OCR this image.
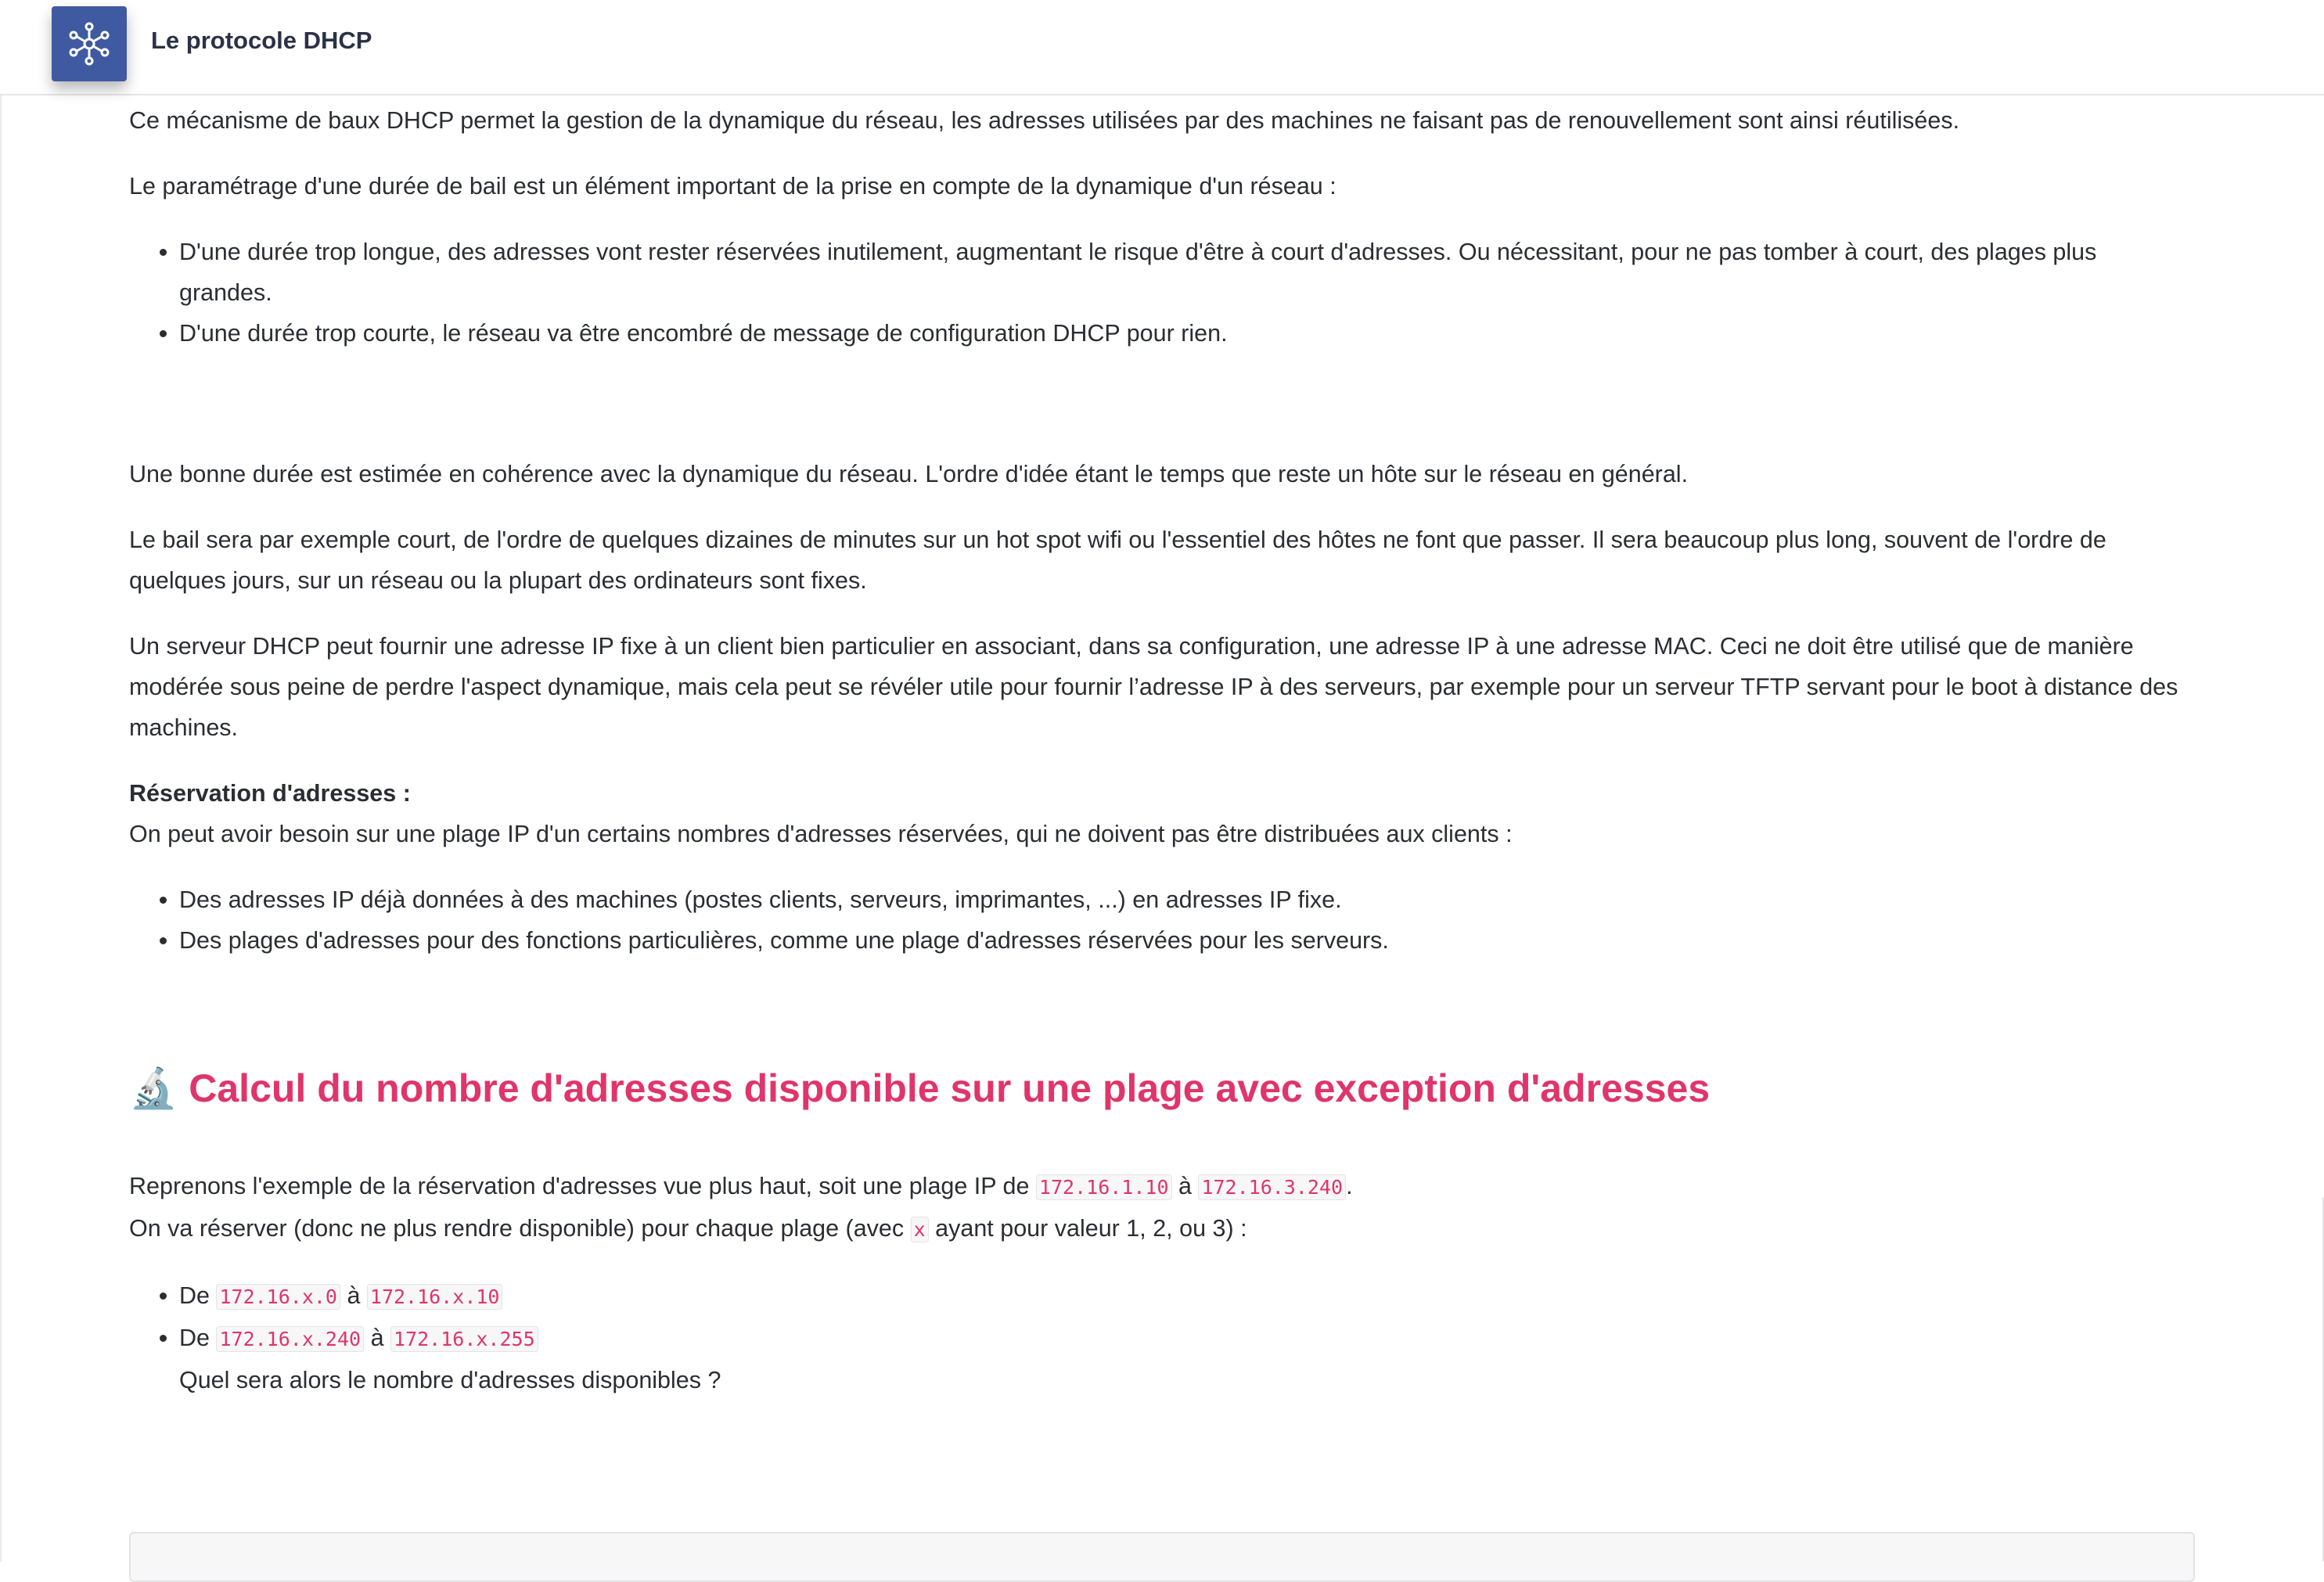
Le protocole DHCP

Ce mécanisme de baux DHCP permet la gestion de la dynamique du réseau, les adresses utilisées par des machines ne faisant pas de renouvellement sont ainsi réutilisées.

Le paramétrage d'une durée de bail est un élément important de la prise en compte de la dynamique d'un réseau :

• D'une durée trop longue, des adresses vont rester réservées inutilement, augmentant le risque d'être à court d'adresses. Ou nécessitant, pour ne pas tomber à court, des plages plus grandes.
• D'une durée trop courte, le réseau va être encombré de message de configuration DHCP pour rien.

Une bonne durée est estimée en cohérence avec la dynamique du réseau. L'ordre d'idée étant le temps que reste un hôte sur le réseau en général.

Le bail sera par exemple court, de l'ordre de quelques dizaines de minutes sur un hot spot wifi ou l'essentiel des hôtes ne font que passer. Il sera beaucoup plus long, souvent de l'ordre de quelques jours, sur un réseau ou la plupart des ordinateurs sont fixes.

Un serveur DHCP peut fournir une adresse IP fixe à un client bien particulier en associant, dans sa configuration, une adresse IP à une adresse MAC. Ceci ne doit être utilisé que de manière modérée sous peine de perdre l'aspect dynamique, mais cela peut se révéler utile pour fournir l’adresse IP à des serveurs, par exemple pour un serveur TFTP servant pour le boot à distance des machines.

Réservation d'adresses :
On peut avoir besoin sur une plage IP d'un certains nombres d'adresses réservées, qui ne doivent pas être distribuées aux clients :

• Des adresses IP déjà données à des machines (postes clients, serveurs, imprimantes, ...) en adresses IP fixe.
• Des plages d'adresses pour des fonctions particulières, comme une plage d'adresses réservées pour les serveurs.
🔬 Calcul du nombre d'adresses disponible sur une plage avec exception d'adresses

Reprenons l'exemple de la réservation d'adresses vue plus haut, soit une plage IP de 172.16.1.10 à 172.16.3.240 .
On va réserver (donc ne plus rendre disponible) pour chaque plage (avec x ayant pour valeur 1, 2, ou 3) :

• De 172.16.x.0 à 172.16.x.10
• De 172.16.x.240 à 172.16.x.255
Quel sera alors le nombre d'adresses disponibles ?
